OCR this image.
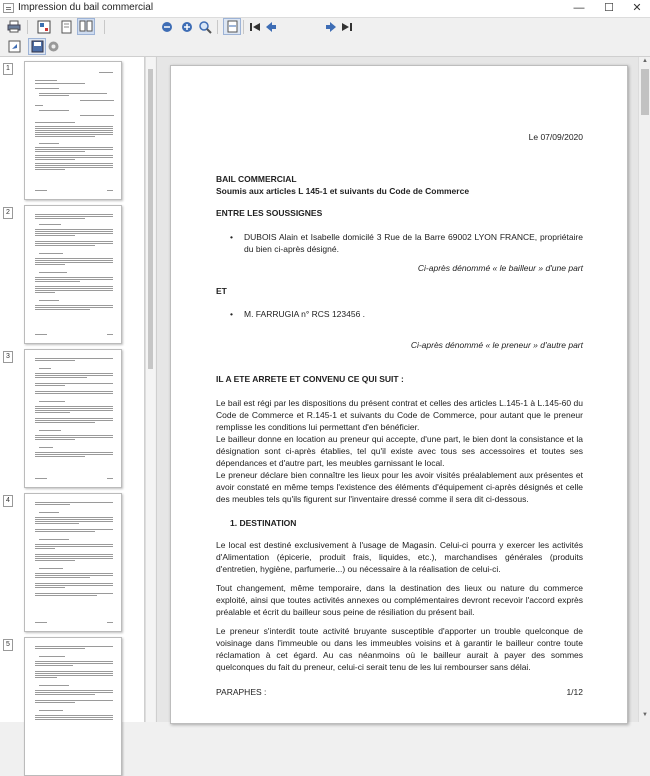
Impression du bail commercial	—	☐	✕
1
2
3
4
5
▲
▼
Le 07/09/2020
BAIL COMMERCIAL
Soumis aux articles L 145-1 et suivants du Code de Commerce
ENTRE LES SOUSSIGNES
• DUBOIS Alain et Isabelle domicilé 3 Rue de la Barre 69002 LYON FRANCE, propriétaire du bien ci-après désigné.
Ci-après dénommé « le bailleur » d'une part
ET
• M. FARRUGIA n° RCS 123456 .
Ci-après dénommé « le preneur » d'autre part
IL A ETE ARRETE ET CONVENU CE QUI SUIT :
Le bail est régi par les dispositions du présent contrat et celles des articles L.145-1 à L.145-60 du Code de Commerce et R.145-1 et suivants du Code de Commerce, pour autant que le preneur remplisse les conditions lui permettant d'en bénéficier.
Le bailleur donne en location au preneur qui accepte, d'une part, le bien dont la consistance et la désignation sont ci-après établies, tel qu'il existe avec tous ses accessoires et toutes ses dépendances et d'autre part, les meubles garnissant le local.
Le preneur déclare bien connaître les lieux pour les avoir visités préalablement aux présentes et avoir constaté en même temps l'existence des éléments d'équipement ci-après désignés et celle des meubles tels qu'ils figurent sur l'inventaire dressé comme il sera dit ci-dessous.
1. DESTINATION
Le local est destiné exclusivement à l'usage de Magasin. Celui-ci pourra y exercer les activités d'Alimentation (épicerie, produit frais, liquides, etc.), marchandises générales (produits d'entretien, hygiène, parfumerie...) ou nécessaire à la réalisation de celui-ci.
Tout changement, même temporaire, dans la destination des lieux ou nature du commerce exploité, ainsi que toutes activités annexes ou complémentaires devront recevoir l'accord exprès préalable et écrit du bailleur sous peine de résiliation du présent bail.
Le preneur s'interdit toute activité bruyante susceptible d'apporter un trouble quelconque de voisinage dans l'immeuble ou dans les immeubles voisins et à garantir le bailleur contre toute réclamation à cet égard. Au cas néanmoins où le bailleur aurait à payer des sommes quelconques du fait du preneur, celui-ci serait tenu de les lui rembourser sans délai.
PARAPHES :	1/12
